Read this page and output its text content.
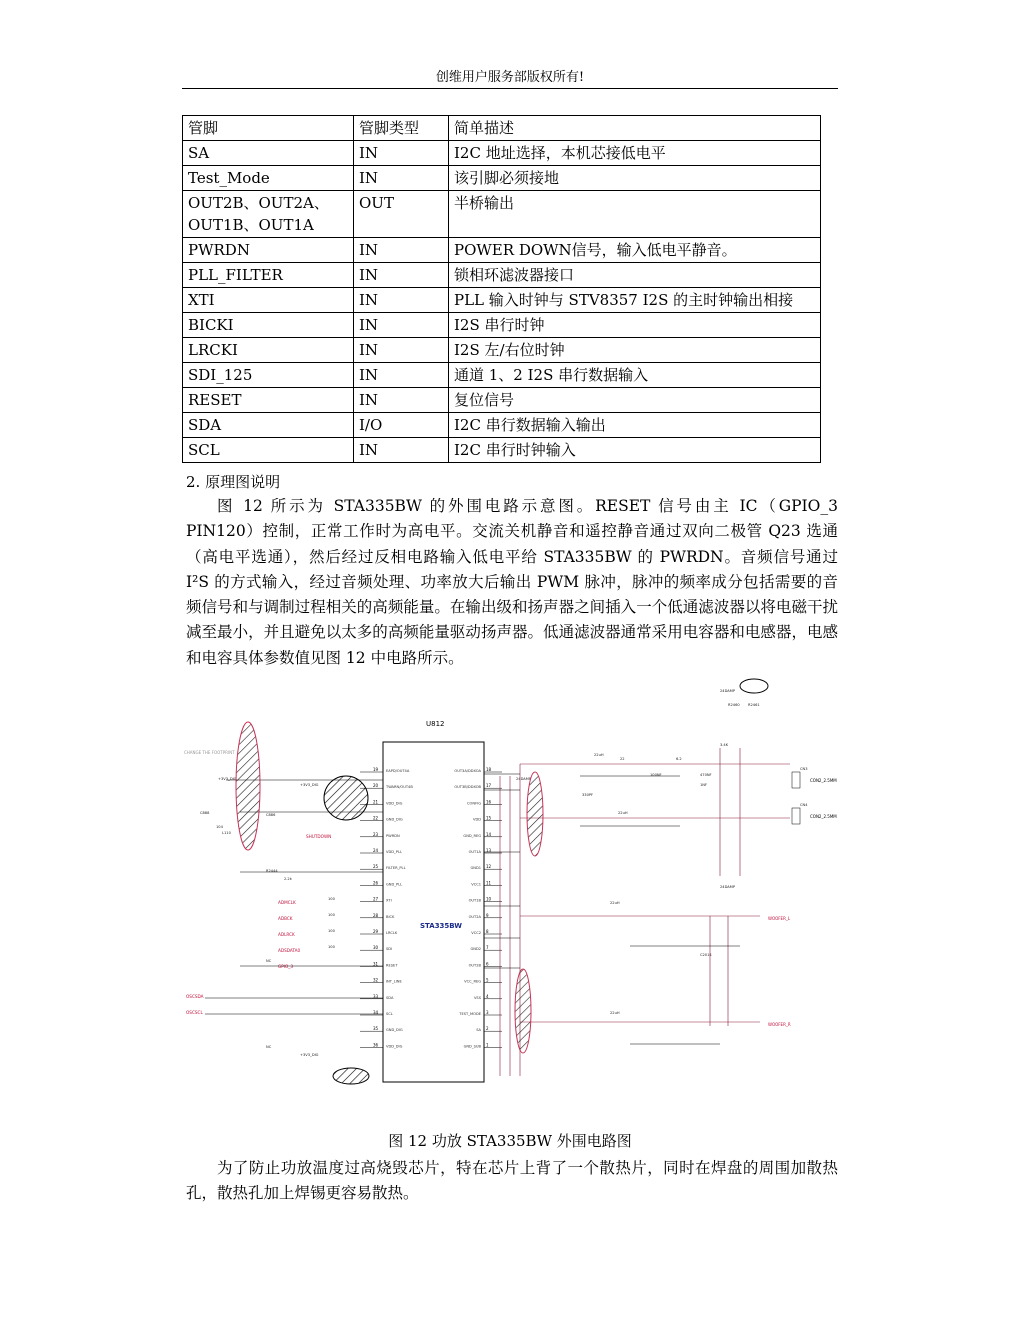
创维用户服务部版权所有!
管脚	管脚类型	简单描述
SA	IN	I2C 地址选择，本机芯接低电平
Test_Mode	IN	该引脚必须接地

OUT2B、OUT2A、
OUT1B、OUT1A	OUT	半桥输出
PWRDN	IN	POWER DOWN信号，输入低电平静音。
PLL_FILTER	IN	锁相环滤波器接口
XTI	IN	PLL 输入时钟与 STV8357 I2S 的主时钟输出相接
BICKI	IN	I2S 串行时钟
LRCKI	IN	I2S 左/右位时钟
SDI_125	IN	通道 1、2 I2S 串行数据输入
RESET	IN	复位信号
SDA	I/O	I2C 串行数据输入输出
SCL	IN	I2C 串行时钟输入
2. 原理图说明
图 12 所示为 STA335BW 的外围电路示意图。RESET 信号由主 IC（GPIO_3 PIN120）控制，正常工作时为高电平。交流关机静音和遥控静音通过双向二极管 Q23 选通（高电平选通），然后经过反相电路输入低电平给 STA335BW 的 PWRDN。音频信号通过 I²S 的方式输入，经过音频处理、功率放大后输出 PWM 脉冲，脉冲的频率成分包括需要的音频信号和与调制过程相关的高频能量。在输出级和扬声器之间插入一个低通滤波器以将电磁干扰减至最小，并且避免以太多的高频能量驱动扬声器。低通滤波器通常采用电容器和电感器，电感和电容具体参数值见图 12 中电路所示。
U812
STA335BW
CHANGE THE FOOTPRINT
EAPD/OUT4A
19
TWARN/OUT4B
20
VDD_DIG
21
GND_DIG
22
PWRDN
23
VDD_PLL
24
FILTER_PLL
25
GND_PLL
26
XTI
27
BICK
28
LRCLK
29
SDI
30
RESET
31
INT_LINE
32
SDA
33
SCL
34
GND_DIG
35
VDD_DIG
36
OUT3A/DDXOA 18
OUT3B/DDXOB 17
CONFIG 16
VDD 15
GND_REG 14
OUT1A 13
GND1 12
VCC1 11
OUT1B 10
OUT2A 9
VCC2 8
GND2 7
OUT2B 6
VCC_REG 5
VSS 4
TEST_MODE 3
SA 2
GND_SUB 1
ADMCLK
ADBCK
ADLRCK
ADSDATA0
GPIO_3
OSCSDA
OSCSCL
SHUTDOWN
WOOFER_L
WOOFER_R
CON2_2.5MM
CON2_2.5MM
+3V3_DIG
+3V3_DIG
+3V3_DIG
24DAMP
24DAMP
24DAMP
22uH
22uH
22uH
22uH
100
100
100
100
330PF
100NF	470NF
1NF
6.2
22
3.4K
NC
NC
C888
L110
C886
R2444
2.2k
104
CN3
CN4
C2014
R2460 R2461
图 12 功放 STA335BW 外围电路图
为了防止功放温度过高烧毁芯片，特在芯片上背了一个散热片，同时在焊盘的周围加散热孔，散热孔加上焊锡更容易散热。
